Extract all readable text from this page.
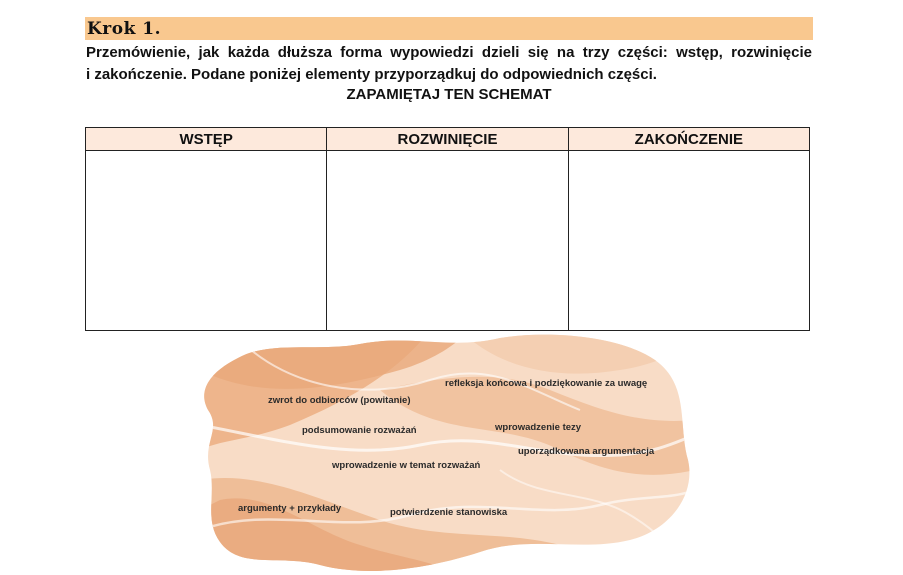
Krok 1.
Przemówienie, jak każda dłuższa forma wypowiedzi dzieli się na trzy części: wstęp, rozwinięcie
i zakończenie. Podane poniżej elementy przyporządkuj do odpowiednich części.
ZAPAMIĘTAJ TEN SCHEMAT
WSTĘP	ROZWINIĘCIE	ZAKOŃCZENIE

refleksja końcowa i podziękowanie za uwagę
zwrot do odbiorców (powitanie)
podsumowanie rozważań	wprowadzenie tezy
uporządkowana argumentacja
wprowadzenie w temat rozważań
argumenty + przykłady	potwierdzenie stanowiska
